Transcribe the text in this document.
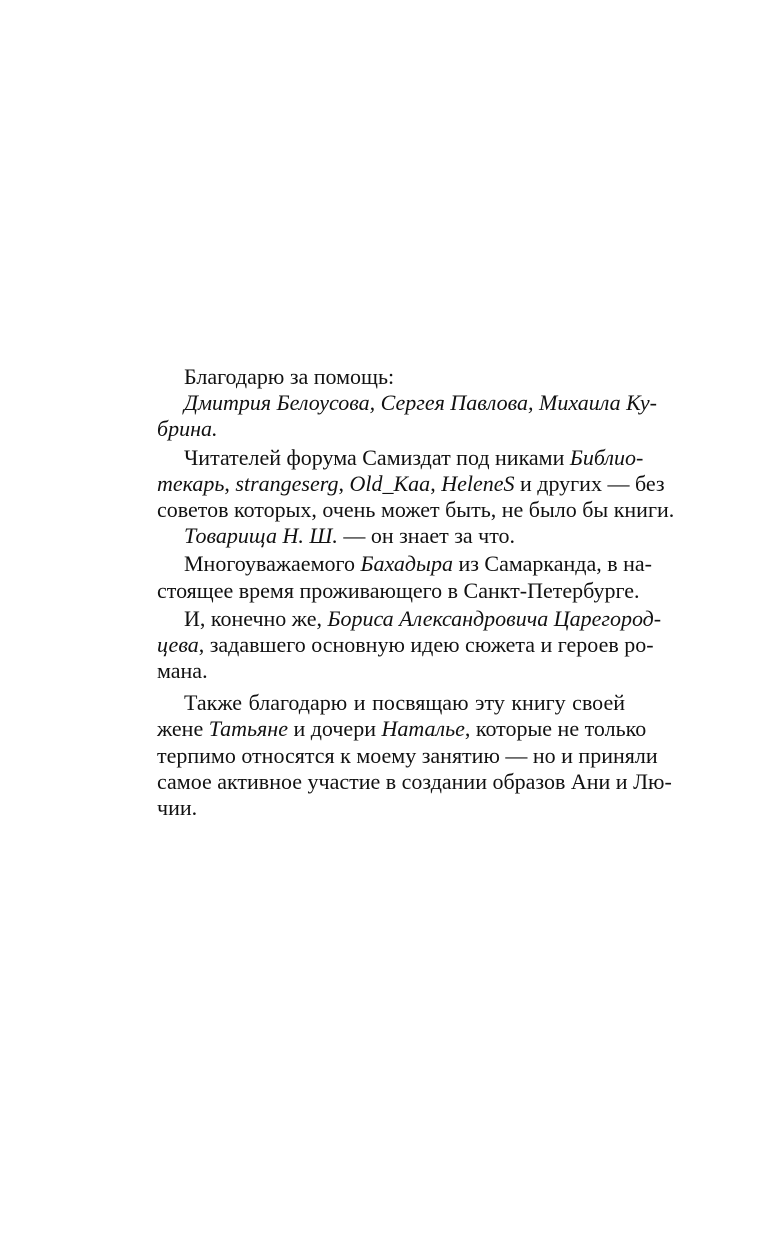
Благодарю за помощь:
Дмитрия Белоусова, Сергея Павлова, Михаила Ку-
брина.
Читателей форума Самиздат под никами Библио-
текарь, strangeserg, Old_Kaa, HeleneS и других — без
советов которых, очень может быть, не было бы книги.
Товарища Н. Ш. — он знает за что.
Многоуважаемого Бахадыра из Самарканда, в на-
стоящее время проживающего в Санкт-Петербурге.
И, конечно же, Бориса Александровича Царегород-
цева, задавшего основную идею сюжета и героев ро-
мана.
Также благодарю и посвящаю эту книгу своей
жене Татьяне и дочери Наталье, которые не только
терпимо относятся к моему занятию — но и приняли
самое активное участие в создании образов Ани и Лю-
чии.
